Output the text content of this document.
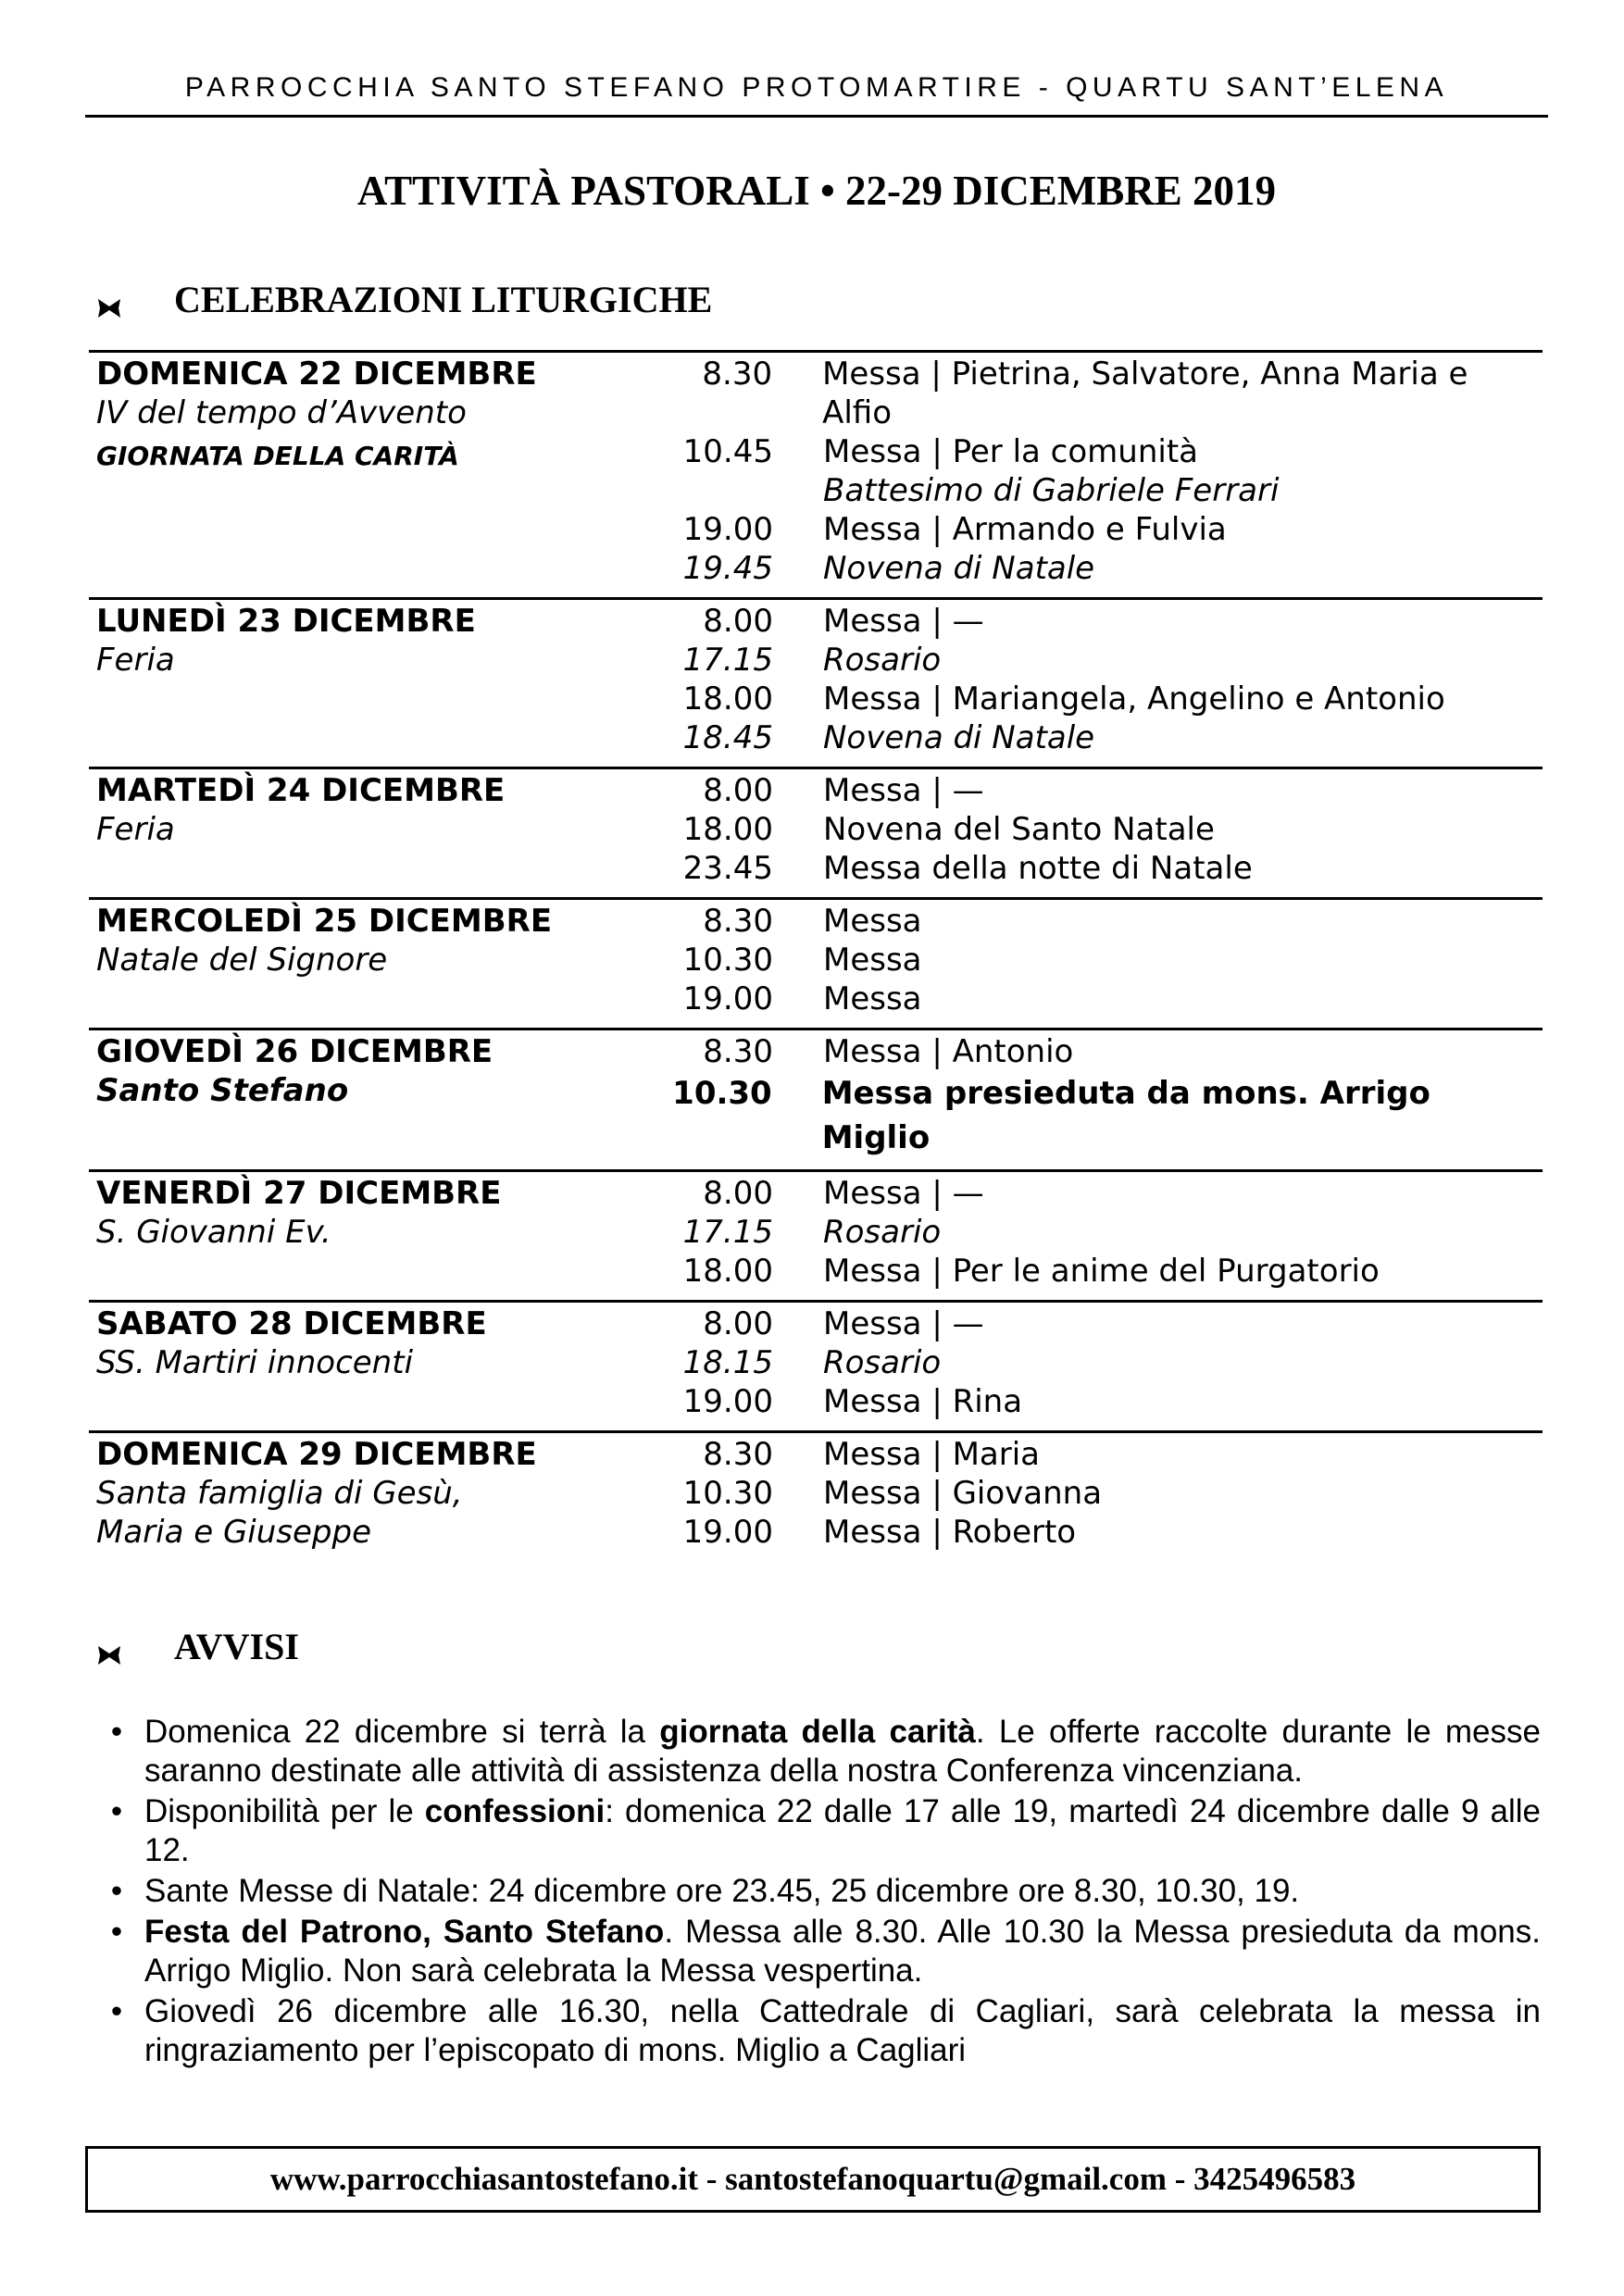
PARROCCHIA SANTO STEFANO PROTOMARTIRE - QUARTU SANT’ELENA
ATTIVITÀ PASTORALI • 22-29 DICEMBRE 2019
CELEBRAZIONI LITURGICHE
DOMENICA 22 DICEMBRE
IV del tempo d’Avvento
GIORNATA DELLA CARITÀ
8.30	Messa | Pietrina, Salvatore, Anna Maria e Alfio
10.45	Messa | Per la comunità
Battesimo di Gabriele Ferrari
19.00	Messa | Armando e Fulvia
19.45	Novena di Natale
LUNEDÌ 23 DICEMBRE
Feria
8.00	Messa | —
17.15	Rosario
18.00	Messa | Mariangela, Angelino e Antonio
18.45	Novena di Natale
MARTEDÌ 24 DICEMBRE
Feria
8.00	Messa | —
18.00	Novena del Santo Natale
23.45	Messa della notte di Natale
MERCOLEDÌ 25 DICEMBRE
Natale del Signore
8.30	Messa
10.30	Messa
19.00	Messa
GIOVEDÌ 26 DICEMBRE
Santo Stefano
8.30	Messa | Antonio
10.30	Messa presieduta da mons. Arrigo Miglio
VENERDÌ 27 DICEMBRE
S. Giovanni Ev.
8.00	Messa | —
17.15	Rosario
18.00	Messa | Per le anime del Purgatorio
SABATO 28 DICEMBRE
SS. Martiri innocenti
8.00	Messa | —
18.15	Rosario
19.00	Messa | Rina
DOMENICA 29 DICEMBRE
Santa famiglia di Gesù,
Maria e Giuseppe
8.30	Messa | Maria
10.30	Messa | Giovanna
19.00	Messa | Roberto
AVVISI
• Domenica 22 dicembre si terrà la giornata della carità. Le offerte raccolte durante le messe saranno destinate alle attività di assistenza della nostra Conferenza vincenziana.
• Disponibilità per le confessioni: domenica 22 dalle 17 alle 19, martedì 24 dicembre dalle 9 alle 12.
• Sante Messe di Natale: 24 dicembre ore 23.45, 25 dicembre ore 8.30, 10.30, 19.
• Festa del Patrono, Santo Stefano. Messa alle 8.30. Alle 10.30 la Messa presieduta da mons. Arrigo Miglio. Non sarà celebrata la Messa vespertina.
• Giovedì 26 dicembre alle 16.30, nella Cattedrale di Cagliari, sarà celebrata la messa in ringraziamento per l’episcopato di mons. Miglio a Cagliari
www.parrocchiasantostefano.it - santostefanoquartu@gmail.com - 3425496583
